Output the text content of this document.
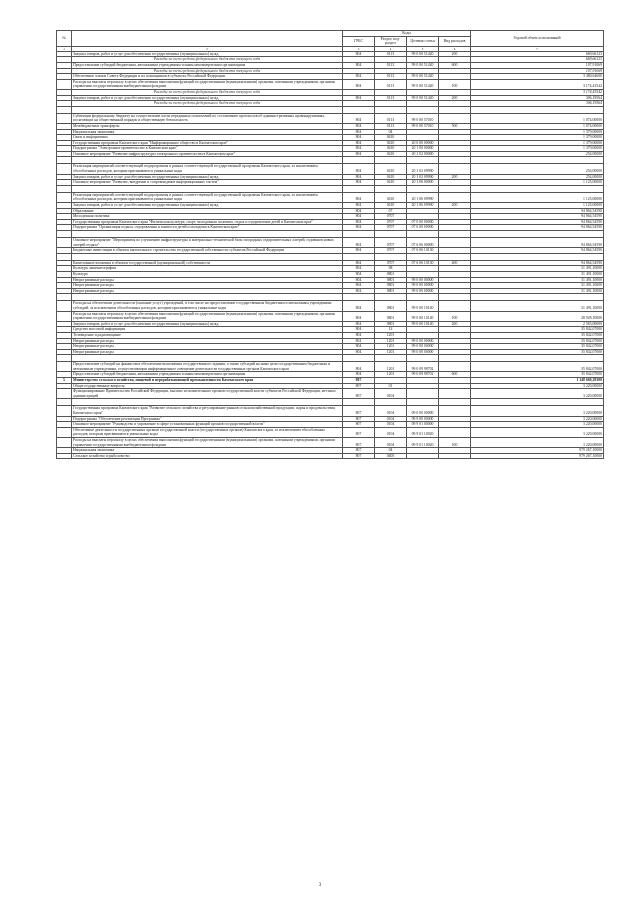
№		Коды				Годовой объем ассигнований
		ГРБС	Раздел, под-раздел	Целевая статья	Вид расходов	
1	2	3	4	5	6	7
	Закупка товаров, работ и услуг для обеспечения государственных (муниципальных) нужд	804	0113	99 0 00 51420	200	669,66123
	Расходы за счет средств федерального бюджета текущего года					669,66123
	Предоставление субсидий бюджетным, автономным учреждениям и иным некоммерческим организациям	804	0113	99 0 00 51420	600	107,91069
	Расходы за счет средств федерального бюджета текущего года					107,91069
	Обеспечение членов Совета Федерации и их помощников в субъектах Российской Федерации	804	0113	99 0 00 51420		3 480,64600
	Расходы на выплаты персоналу в целях обеспечения выполнения функций государственными (муниципальными) органами, казенными учреждениями, органами управления государственными внебюджетными фондами	804	0113	99 0 00 51420	100	3 174,43542
	Расходы за счет средств федерального бюджета текущего года					3 174,43542
	Закупка товаров, работ и услуг для обеспечения государственных (муниципальных) нужд	804	0113	99 0 00 51420	200	306,19564
	Расходы за счет средств федерального бюджета текущего года					306,19564

	Субвенции федеральному бюджету на осуществление части переданных полномочий по составлению протоколов об административных правонарушениях, посягающих на общественный порядок и общественную безопасность	804	0113	99 0 00 57010		1 074,00000
	Межбюджетные трансферты	804	0113	99 0 00 57010	500	1 074,00000
	Национальная экономика	804	04			1 379,00000
	Связь и информатика	804	0410			1 379,00000
	Государственная программа Камчатского края "Информационное общество в Камчатском крае"	804	0410	20 0 00 00000		1 379,00000
	Подпрограмма "Электронное правительство в Камчатском крае"	804	0410	20 1 00 00000		1 379,00000
	Основное мероприятие "Развитие инфраструктуры электронного правительства в Камчатском крае"	804	0410	20 1 02 00000		254,00000

	Реализация мероприятий соответствующей подпрограммы в рамках соответствующей государственной программы Камчатского края, за исключением обособленных расходов, которым присваиваются уникальные коды	804	0410	20 1 02 09990		254,00000
	Закупка товаров, работ и услуг для обеспечения государственных (муниципальных) нужд	804	0410	20 1 02 09990	200	254,00000
	Основное мероприятие "Развитие, внедрение и сопровождение информационных систем"	804	0410	20 1 06 00000		1 125,00000

	Реализация мероприятий соответствующей подпрограммы в рамках соответствующей государственной программы Камчатского края, за исключением обособленных расходов, которым присваиваются уникальные коды	804	0410	20 1 06 09990		1 125,00000
	Закупка товаров, работ и услуг для обеспечения государственных (муниципальных) нужд	804	0410	20 1 06 09990	200	1 125,00000
	Образование	804	07			94 864,54590
	Молодежная политика	804	0707			94 864,54590
	Государственная программа Камчатского края "Физическая культура, спорт, молодежная политика, отдых и оздоровление детей в Камчатском крае"	804	0707	07 0 00 00000		94 864,54590
	Подпрограмма "Организация отдыха, оздоровления и занятости детей и молодежи в Камчатском крае"	804	0707	07 6 00 00000		94 864,54590

	Основное мероприятие "Мероприятия по улучшению инфраструктуры и материально-технической базы загородных оздоровительных лагерей, годовиков новых лагерей отдыха"	804	0707	07 6 06 00000		94 864,54590
	Бюджетные инвестиции в объекты капитального строительства государственной собственности субъектов Российской Федерации	804	0707	07 6 06 10130		94 864,54590

	Капитальные вложения в объекты государственной (муниципальной) собственности	804	0707	07 6 06 10130	400	94 864,54590
	Культура, кинематография	804	08			31 491,10000
	Культура	804	0801			31 491,10000
	Непрограммные расходы	804	0801	99 0 00 00000		31 491,10000
	Непрограммные расходы	804	0801	99 0 00 00000		31 491,10000
	Непрограммные расходы	804	0801	99 0 00 00000		31 491,10000

	Расходы на обеспечение деятельности (оказание услуг) учреждений, в том числе на предоставление государственным бюджетным и автономным учреждениям субсидий, за исключением обособленных расходов, которым присваиваются уникальные коды	804	0801	99 0 00 10140		31 491,10000
	Расходы на выплаты персоналу в целях обеспечения выполнения функций государственными (муниципальными) органами, казенными учреждениями, органами управления государственными внебюджетными фондами	804	0801	99 0 00 10140	100	28 928,10000
	Закупка товаров, работ и услуг для обеспечения государственных (муниципальных) нужд	804	0801	99 0 00 10140	200	2 563,00000
	Средства массовой информации	804	12			35 842,07000
	Телевидение и радиовещание	804	1201			35 842,07000
	Непрограммные расходы	804	1201	99 0 00 00000		35 842,07000
	Непрограммные расходы	804	1201	99 0 00 00000		35 842,07000
	Непрограммные расходы	804	1201	99 0 00 00000		35 842,07000

	Предоставление субсидий на финансовое обеспечение выполнения государственного задания, а также субсидий на иные цели государственным бюджетным и автономным учреждениям, осуществляющим информационное освещение деятельности государственных органов Камчатского края	804	1201	99 0 09 98702		35 842,07000
	Предоставление субсидий бюджетным, автономным учреждениям и иным некоммерческим организациям	804	1201	99 0 09 98702	600	35 842,07000
5	Министерство сельского хозяйства, пищевой и перерабатывающей промышленности Камчатского края	807				1 148 669,28300
	Общегосударственные вопросы	807	01			3 220,00000
	Функционирование Правительства Российской Федерации, высших исполнительных органов государственной власти субъектов Российской Федерации, местных администраций	807	0104			3 220,00000

	Государственная программа Камчатского края "Развитие сельского хозяйства и регулирование рынков сельскохозяйственной продукции, сырья и продовольствия Камчатского края"	807	0104	09 0 00 00000		3 220,00000
	Подпрограмма "Обеспечение реализации Программы"	807	0104	09 9 00 00000		3 220,00000
	Основное мероприятие "Руководство и управление в сфере установленных функций органов государственной власти"	807	0104	09 9 01 00000		3 220,00000
	Обеспечение деятельности государственных органов государственной власти (государственных органов) Камчатского края, за исключением обособленных расходов, которым присваиваются уникальные коды	807	0104	09 9 01 10020		3 220,00000
	Расходы на выплаты персоналу в целях обеспечения выполнения функций государственными (муниципальными) органами, казенными учреждениями, органами управления государственными внебюджетными фондами	807	0104	09 9 01 10020	100	3 220,00000
	Национальная экономика	807	04			979 267,10000
	Сельское хозяйство и рыболовство	807	0405			979 267,10000
3
